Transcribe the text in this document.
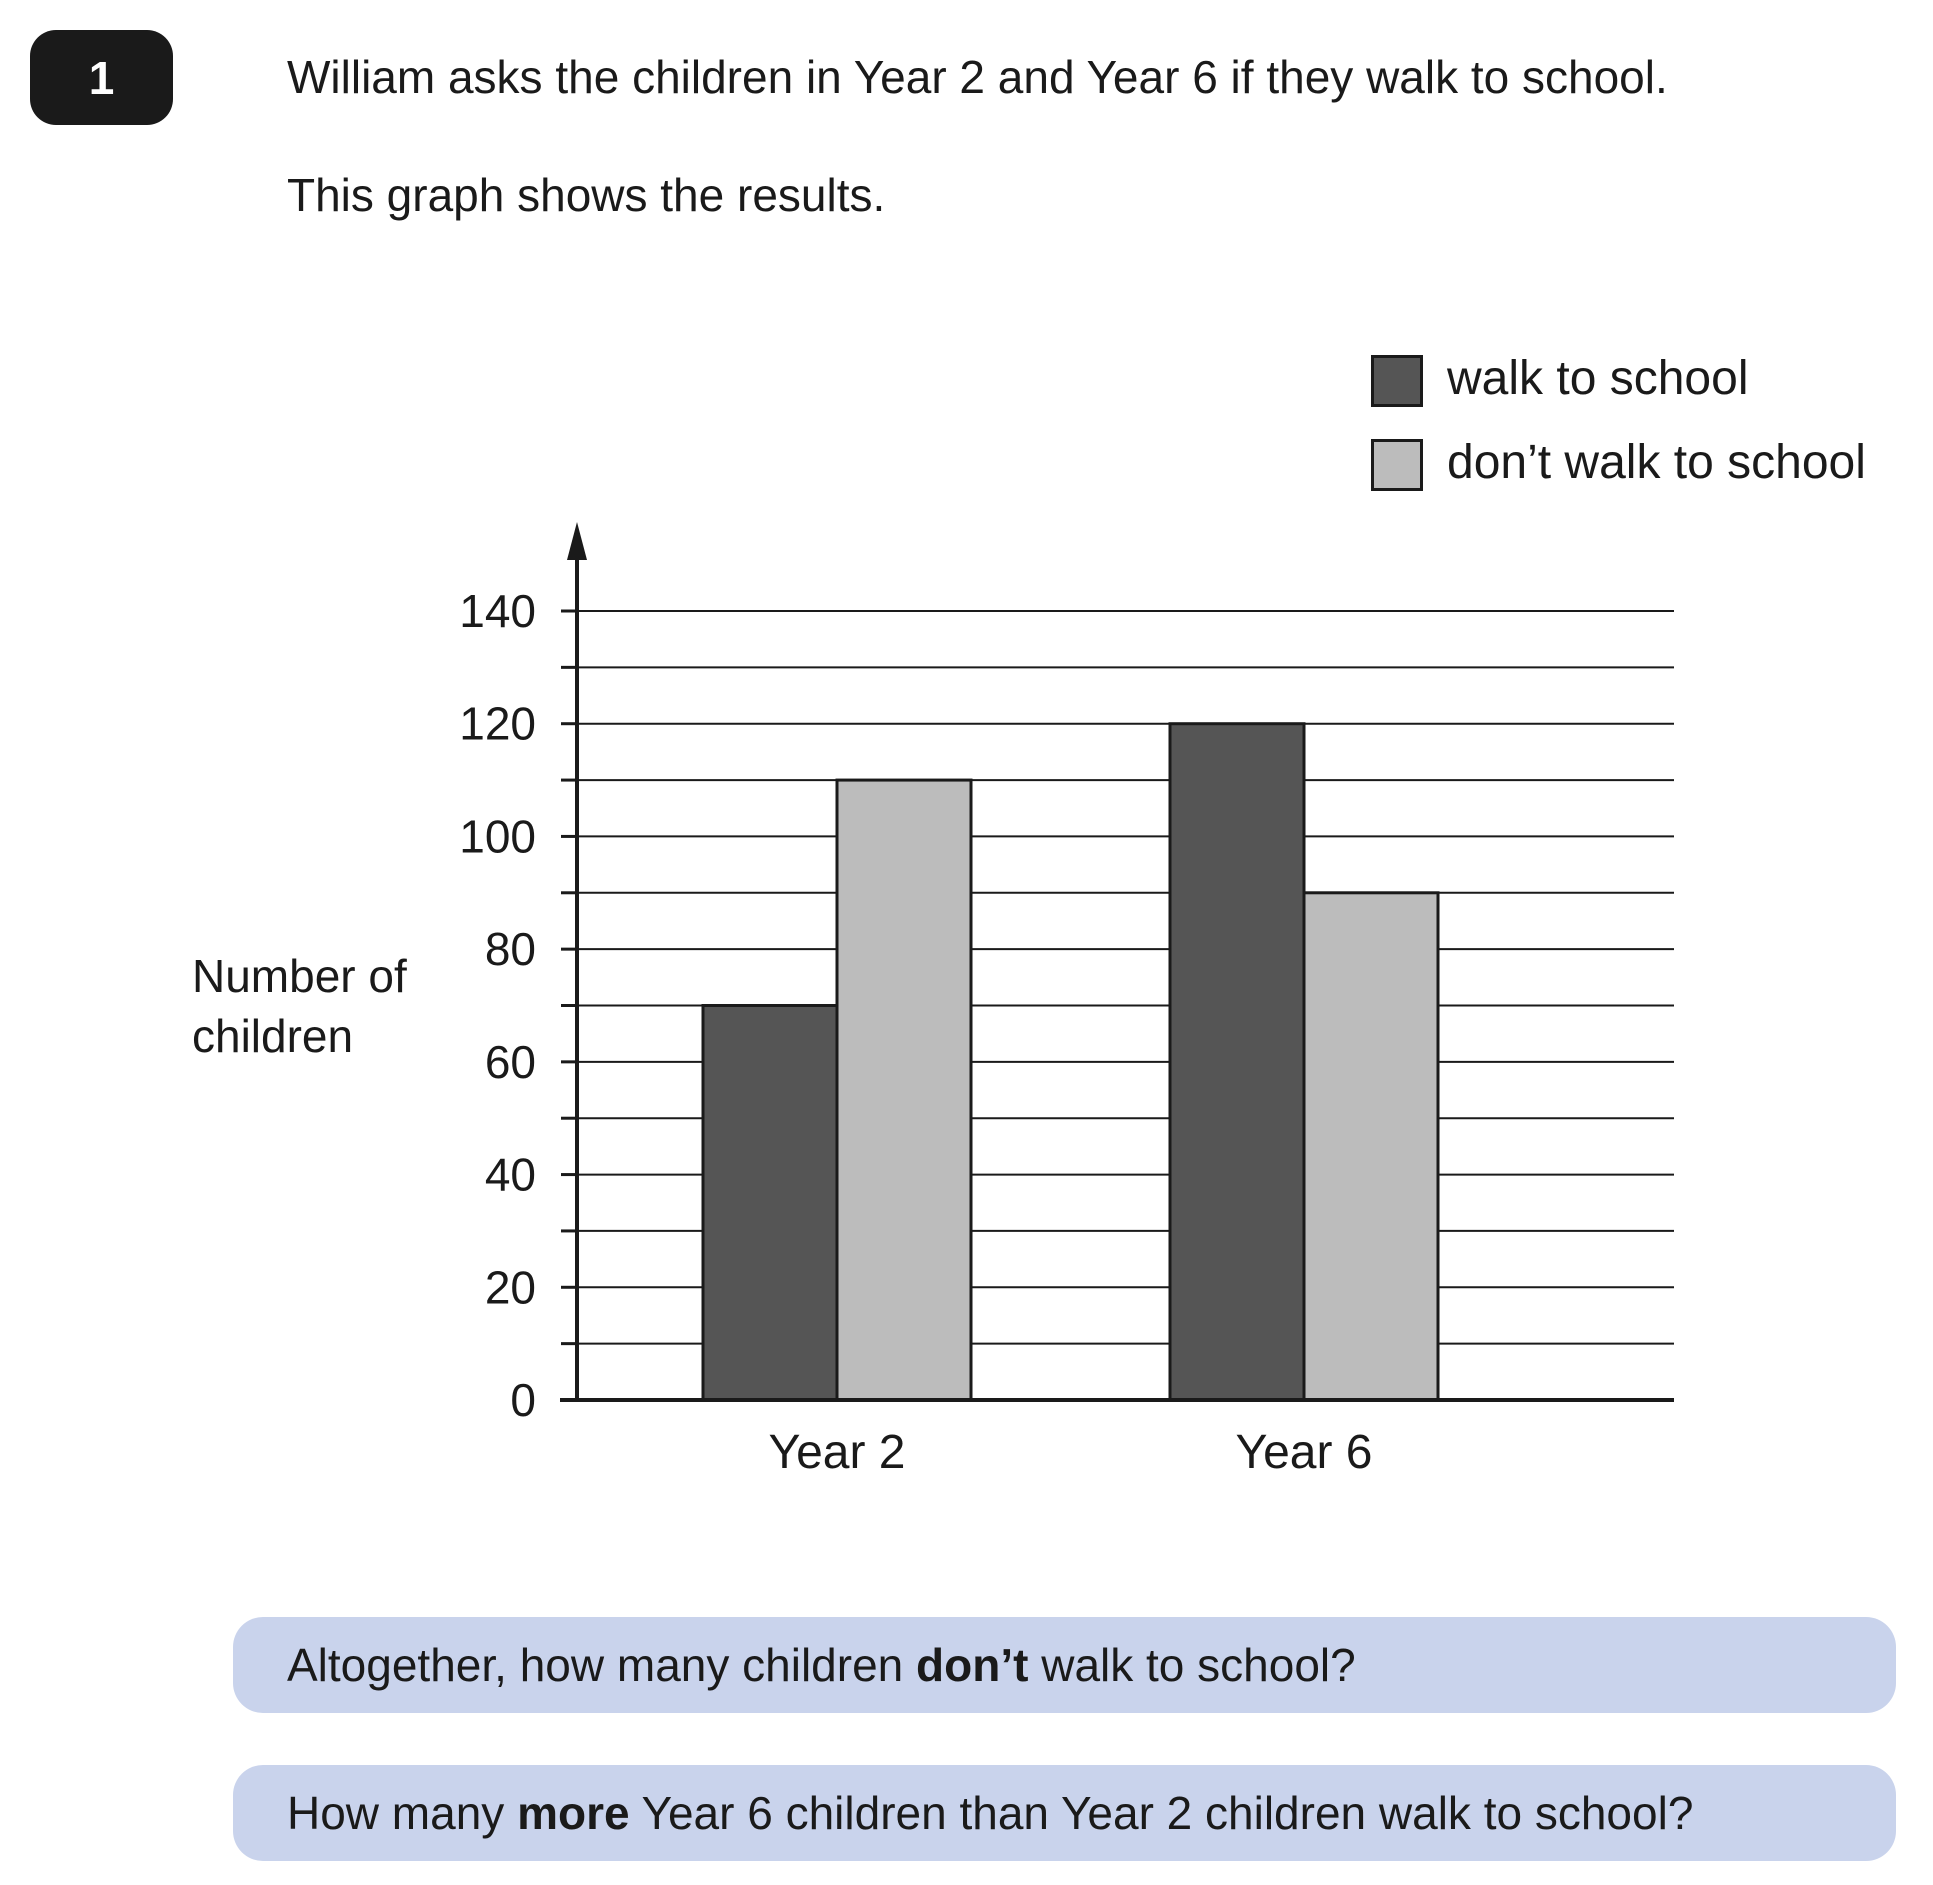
1	William asks the children in Year 2 and Year 6 if they walk to school.
This graph shows the results.
walk to school
don’t walk to school
0
20
40
60
80
100
120
140
Year 2	Year 6
Number of
children
Altogether, how many children don’t walk to school?
How many more Year 6 children than Year 2 children walk to school?
